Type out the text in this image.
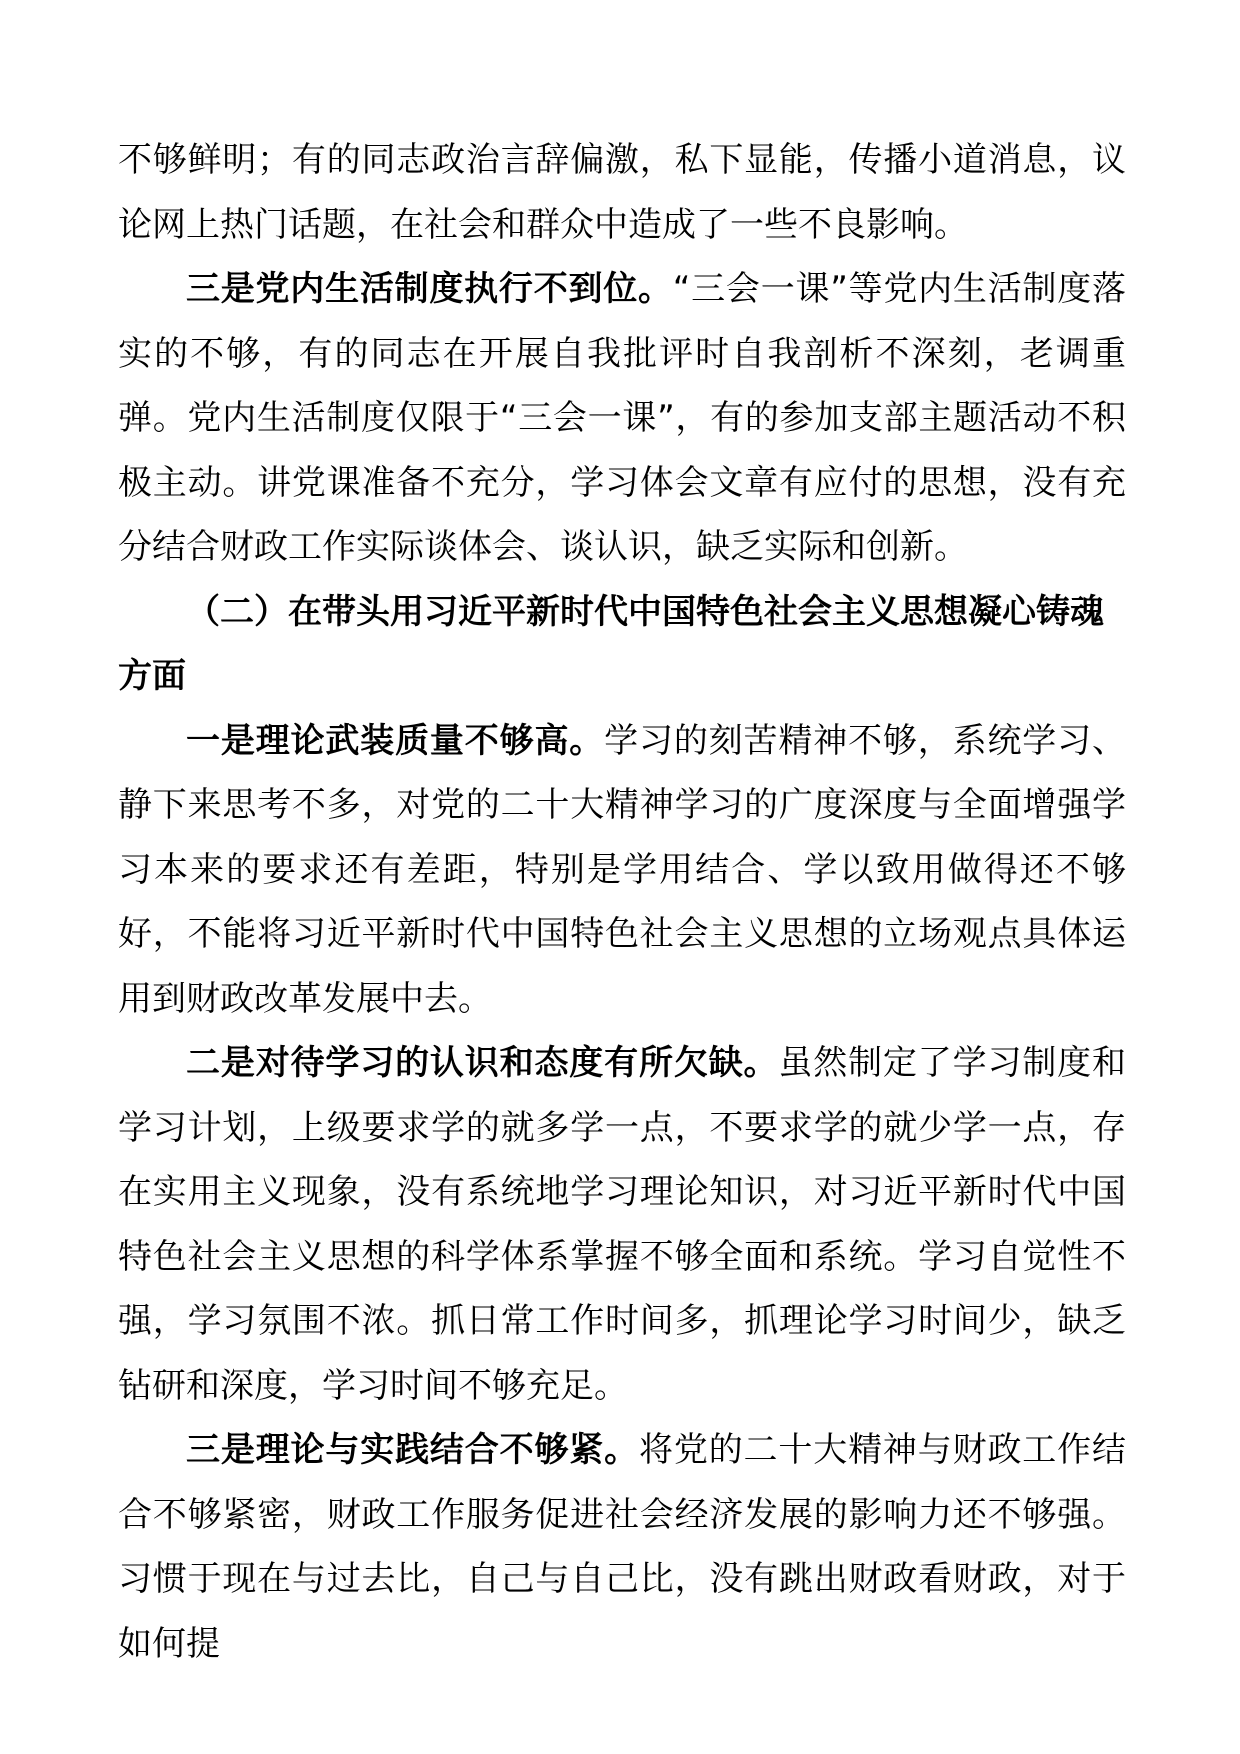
不够鲜明；有的同志政治言辞偏激，私下显能，传播小道消息，议论网上热门话题，在社会和群众中造成了一些不良影响。

三是党内生活制度执行不到位。“三会一课”等党内生活制度落实的不够，有的同志在开展自我批评时自我剖析不深刻，老调重弹。党内生活制度仅限于“三会一课”，有的参加支部主题活动不积极主动。讲党课准备不充分，学习体会文章有应付的思想，没有充分结合财政工作实际谈体会、谈认识，缺乏实际和创新。

（二）在带头用习近平新时代中国特色社会主义思想凝心铸魂方面

一是理论武装质量不够高。学习的刻苦精神不够，系统学习、静下来思考不多，对党的二十大精神学习的广度深度与全面增强学习本来的要求还有差距，特别是学用结合、学以致用做得还不够好，不能将习近平新时代中国特色社会主义思想的立场观点具体运用到财政改革发展中去。

二是对待学习的认识和态度有所欠缺。虽然制定了学习制度和学习计划，上级要求学的就多学一点，不要求学的就少学一点，存在实用主义现象，没有系统地学习理论知识，对习近平新时代中国特色社会主义思想的科学体系掌握不够全面和系统。学习自觉性不强，学习氛围不浓。抓日常工作时间多，抓理论学习时间少，缺乏钻研和深度，学习时间不够充足。

三是理论与实践结合不够紧。将党的二十大精神与财政工作结合不够紧密，财政工作服务促进社会经济发展的影响力还不够强。习惯于现在与过去比，自己与自己比，没有跳出财政看财政，对于如何提
